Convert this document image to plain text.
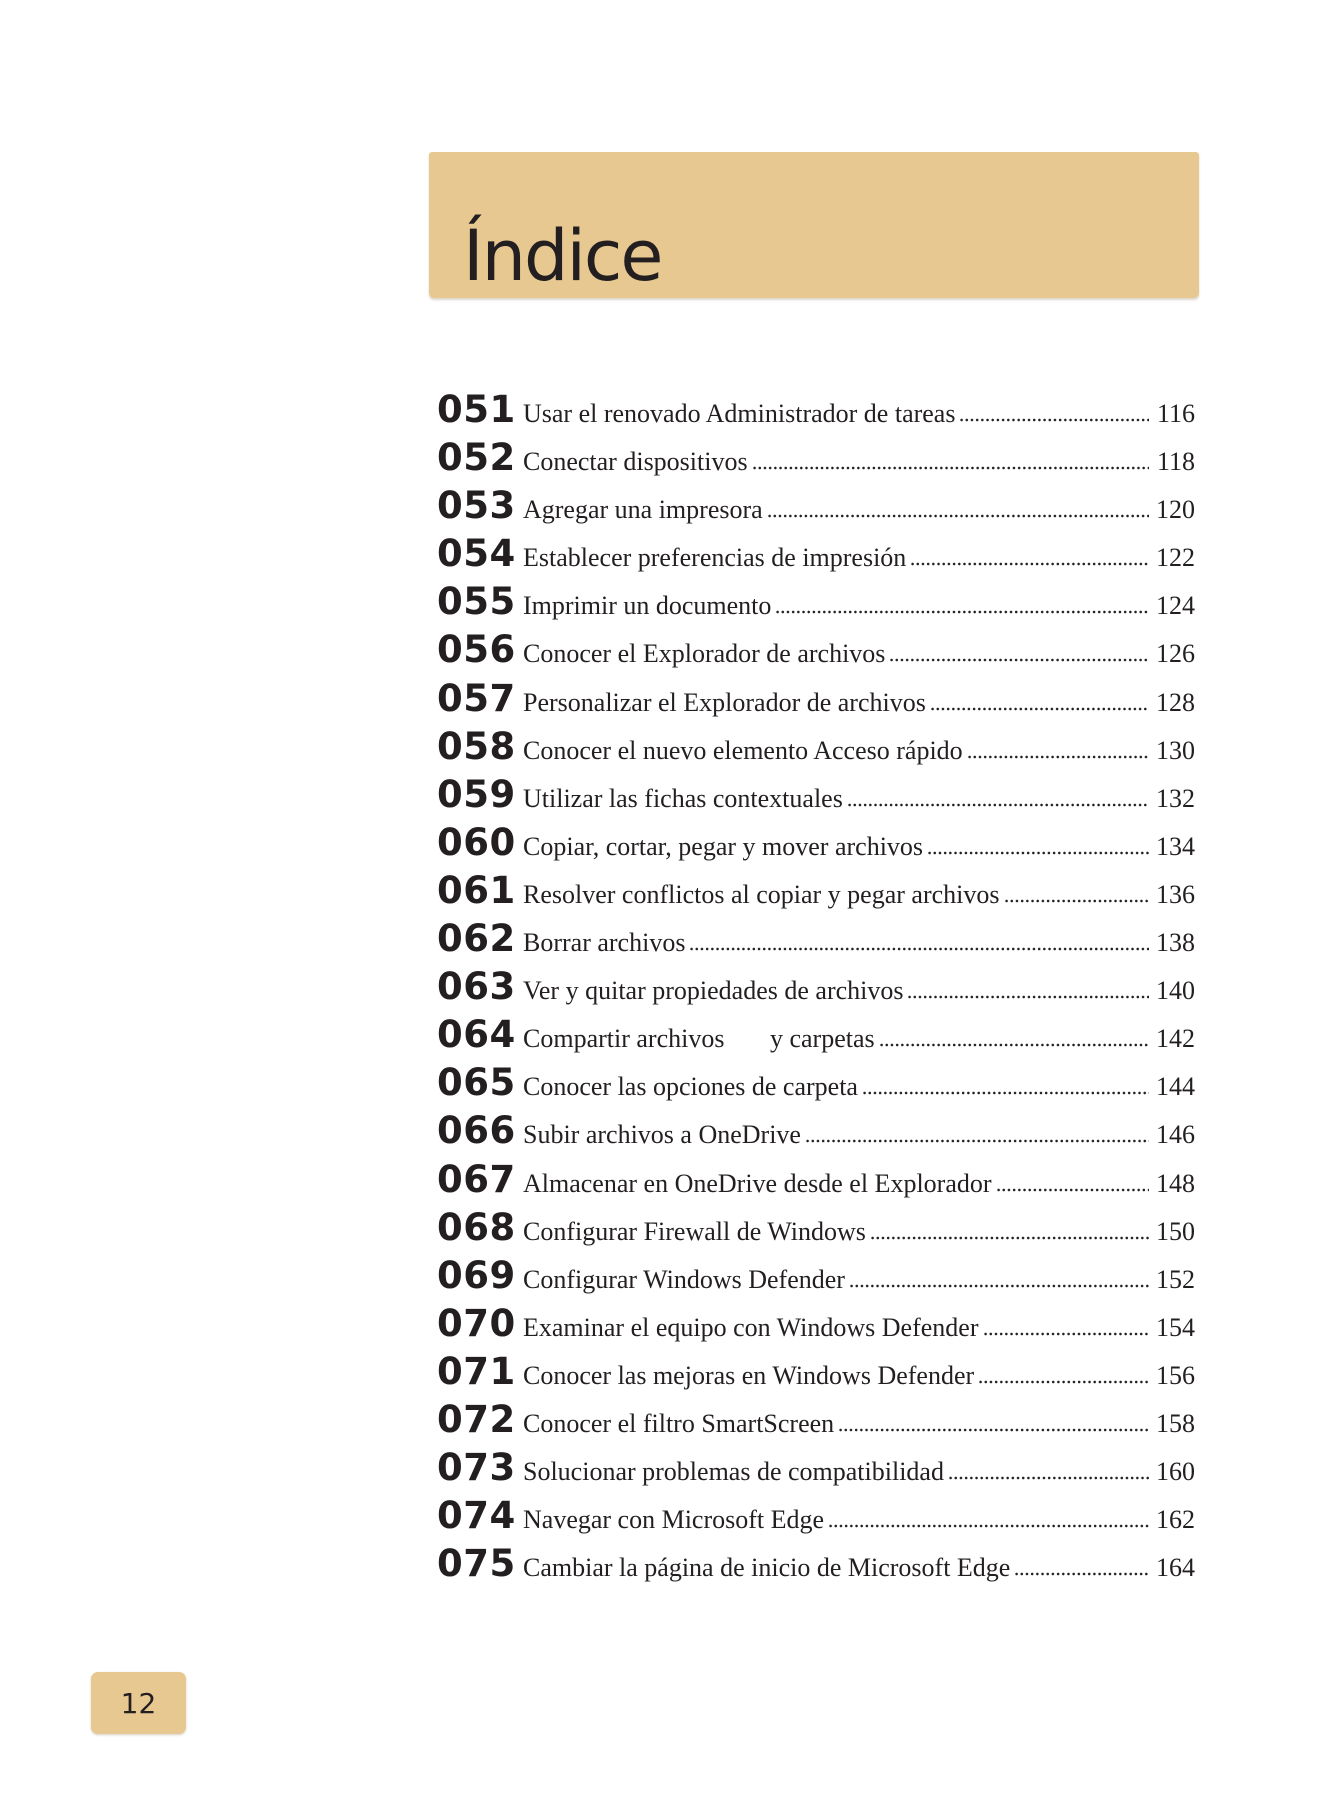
Índice
051 Usar el renovado Administrador de tareas	116
052 Conectar dispositivos	118
053 Agregar una impresora	120
054 Establecer preferencias de impresión	122
055 Imprimir un documento	124
056 Conocer el Explorador de archivos	126
057 Personalizar el Explorador de archivos	128
058 Conocer el nuevo elemento Acceso rápido	130
059 Utilizar las fichas contextuales	132
060 Copiar, cortar, pegar y mover archivos	134
061 Resolver conflictos al copiar y pegar archivos	136
062 Borrar archivos	138
063 Ver y quitar propiedades de archivos	140
064 Compartir archivos       y carpetas	142
065 Conocer las opciones de carpeta	144
066 Subir archivos a OneDrive	146
067 Almacenar en OneDrive desde el Explorador	148
068 Configurar Firewall de Windows	150
069 Configurar Windows Defender	152
070 Examinar el equipo con Windows Defender	154
071 Conocer las mejoras en Windows Defender	156
072 Conocer el filtro SmartScreen	158
073 Solucionar problemas de compatibilidad	160
074 Navegar con Microsoft Edge	162
075 Cambiar la página de inicio de Microsoft Edge	164
12
